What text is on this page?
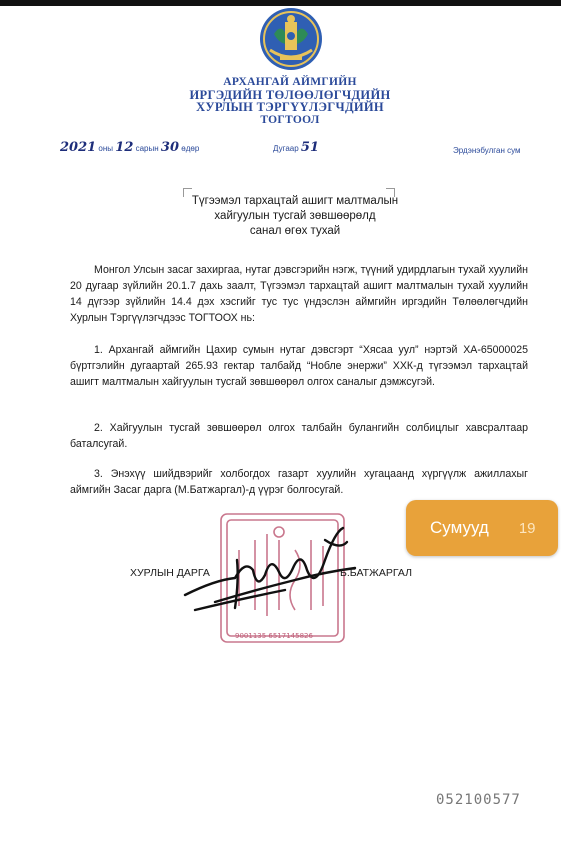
АРХАНГАЙ АЙМГИЙН
ИРГЭДИЙН ТӨЛӨӨЛӨГЧДИЙН
ХУРЛЫН ТЭРГҮҮЛЭГЧДИЙН
ТОГТООЛ
2021 оны 12 сарын 30 өдөр	Дугаар 51	Эрдэнэбулган сум
Түгээмэл тархацтай ашигт малтмалын
хайгуулын тусгай зөвшөөрөлд
санал өгөх тухай
Монгол Улсын засаг захиргаа, нутаг дэвсгэрийн нэгж, түүний удирдлагын тухай хуулийн 20 дугаар зүйлийн 20.1.7 дахь заалт, Түгээмэл тархацтай ашигт малтмалын тухай хуулийн 14 дүгээр зүйлийн 14.4 дэх хэсгийг тус тус үндэслэн аймгийн иргэдийн Төлөөлөгчдийн Хурлын Тэргүүлэгчдээс ТОГТООХ нь:
1. Архангай аймгийн Цахир сумын нутаг дэвсгэрт “Хясаа уул” нэртэй ХА-65000025 бүртгэлийн дугаартай 265.93 гектар талбайд “Нобле энержи” ХХК-д түгээмэл тархацтай ашигт малтмалын хайгуулын тусгай зөвшөөрөл олгох саналыг дэмжсугэй.
2. Хайгуулын тусгай зөвшөөрөл олгох талбайн булангийн солбицлыг хавсралтаар баталсугай.
3. Энэхүү шийдвэрийг холбогдох газарт хуулийн хугацаанд хүргүүлж ажиллахыг аймгийн Засаг дарга (М.Батжаргал)-д үүрэг болгосугай.
9001135 6517145826
ХУРЛЫН ДАРГА	Б.БАТЖАРГАЛ
Сумууд 19
052100577
